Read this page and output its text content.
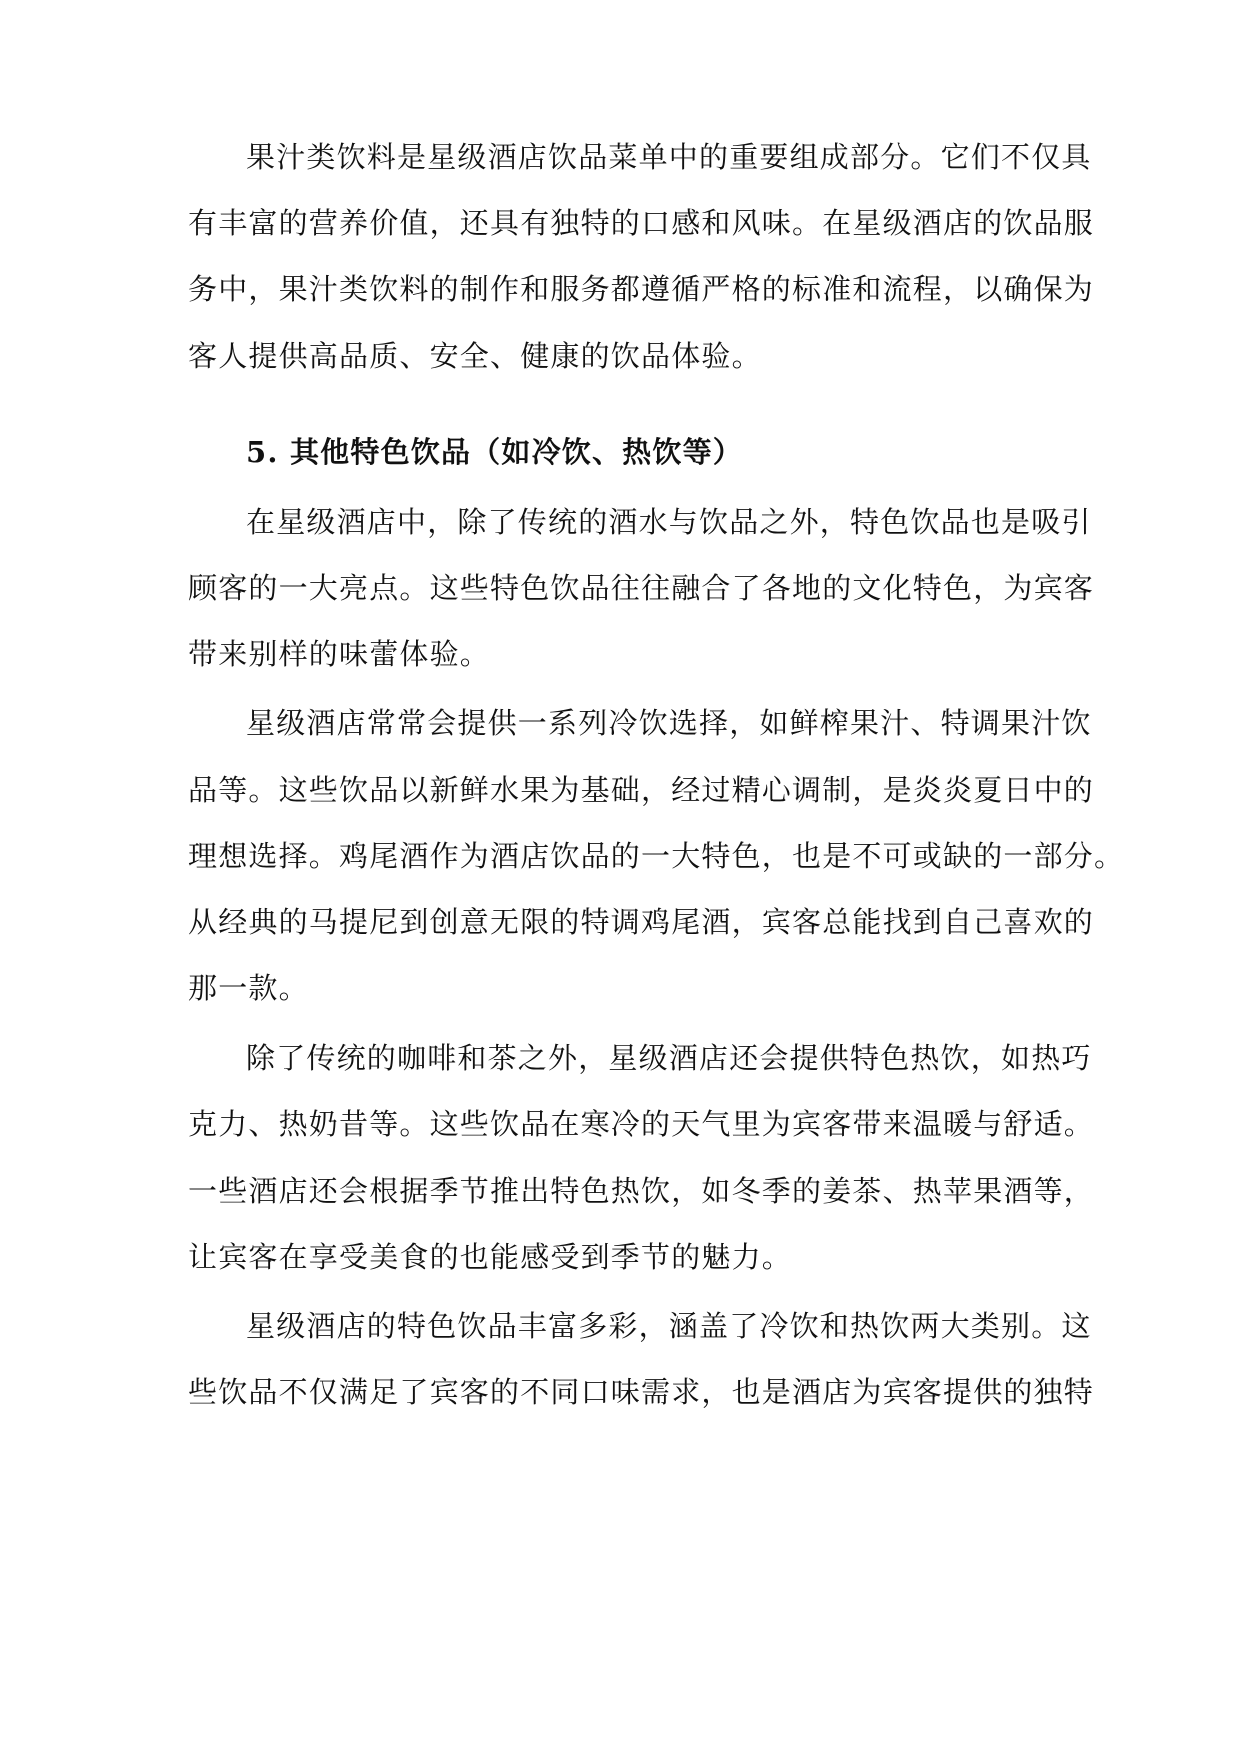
果汁类饮料是星级酒店饮品菜单中的重要组成部分。它们不仅具
有丰富的营养价值，还具有独特的口感和风味。在星级酒店的饮品服
务中，果汁类饮料的制作和服务都遵循严格的标准和流程，以确保为
客人提供高品质、安全、健康的饮品体验。
5. 其他特色饮品（如冷饮、热饮等）
在星级酒店中，除了传统的酒水与饮品之外，特色饮品也是吸引
顾客的一大亮点。这些特色饮品往往融合了各地的文化特色，为宾客
带来别样的味蕾体验。
星级酒店常常会提供一系列冷饮选择，如鲜榨果汁、特调果汁饮
品等。这些饮品以新鲜水果为基础，经过精心调制，是炎炎夏日中的
理想选择。鸡尾酒作为酒店饮品的一大特色，也是不可或缺的一部分。
从经典的马提尼到创意无限的特调鸡尾酒，宾客总能找到自己喜欢的
那一款。
除了传统的咖啡和茶之外，星级酒店还会提供特色热饮，如热巧
克力、热奶昔等。这些饮品在寒冷的天气里为宾客带来温暖与舒适。
一些酒店还会根据季节推出特色热饮，如冬季的姜茶、热苹果酒等，
让宾客在享受美食的也能感受到季节的魅力。
星级酒店的特色饮品丰富多彩，涵盖了冷饮和热饮两大类别。这
些饮品不仅满足了宾客的不同口味需求，也是酒店为宾客提供的独特
